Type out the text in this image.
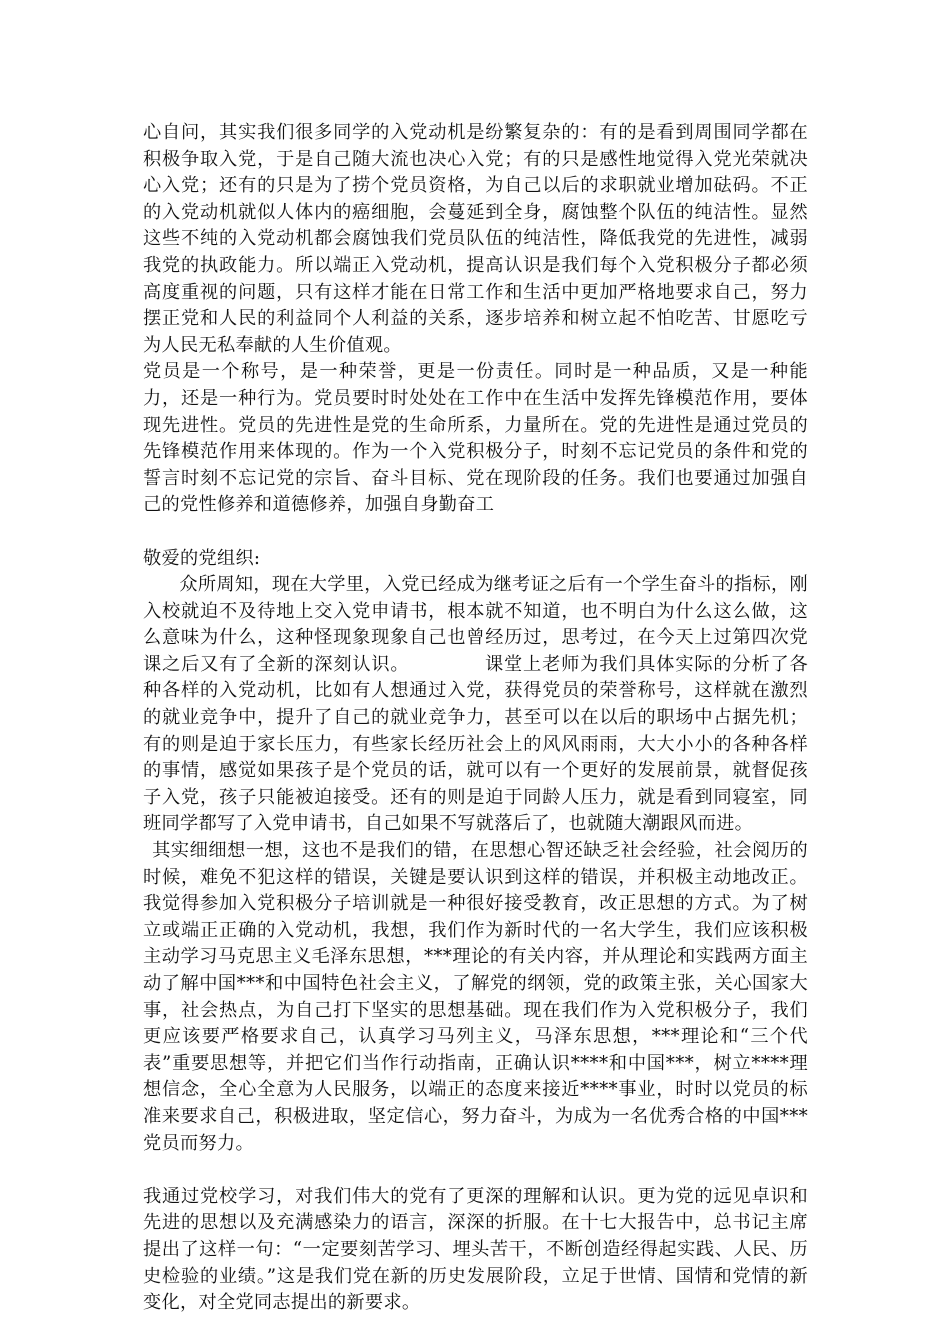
心自问，其实我们很多同学的入党动机是纷繁复杂的：有的是看到周围同学都在积极争取入党，于是自己随大流也决心入党；有的只是感性地觉得入党光荣就决心入党；还有的只是为了捞个党员资格，为自己以后的求职就业增加砝码。不正的入党动机就似人体内的癌细胞，会蔓延到全身，腐蚀整个队伍的纯洁性。显然这些不纯的入党动机都会腐蚀我们党员队伍的纯洁性，降低我党的先进性，减弱我党的执政能力。所以端正入党动机，提高认识是我们每个入党积极分子都必须高度重视的问题，只有这样才能在日常工作和生活中更加严格地要求自己，努力摆正党和人民的利益同个人利益的关系，逐步培养和树立起不怕吃苦、甘愿吃亏为人民无私奉献的人生价值观。

党员是一个称号，是一种荣誉，更是一份责任。同时是一种品质，又是一种能力，还是一种行为。党员要时时处处在工作中在生活中发挥先锋模范作用，要体现先进性。党员的先进性是党的生命所系，力量所在。党的先进性是通过党员的先锋模范作用来体现的。作为一个入党积极分子，时刻不忘记党员的条件和党的誓言时刻不忘记党的宗旨、奋斗目标、党在现阶段的任务。我们也要通过加强自己的党性修养和道德修养，加强自身勤奋工

敬爱的党组织:

众所周知，现在大学里，入党已经成为继考证之后有一个学生奋斗的指标，刚入校就迫不及待地上交入党申请书，根本就不知道，也不明白为什么这么做，这么意味为什么，这种怪现象现象自己也曾经历过，思考过，在今天上过第四次党课之后又有了全新的深刻认识。	课堂上老师为我们具体实际的分析了各种各样的入党动机，比如有人想通过入党，获得党员的荣誉称号，这样就在激烈的就业竞争中，提升了自己的就业竞争力，甚至可以在以后的职场中占据先机；有的则是迫于家长压力，有些家长经历社会上的风风雨雨，大大小小的各种各样的事情，感觉如果孩子是个党员的话，就可以有一个更好的发展前景，就督促孩子入党，孩子只能被迫接受。还有的则是迫于同龄人压力，就是看到同寝室，同班同学都写了入党申请书，自己如果不写就落后了，也就随大潮跟风而进。

其实细细想一想，这也不是我们的错，在思想心智还缺乏社会经验，社会阅历的时候，难免不犯这样的错误，关键是要认识到这样的错误，并积极主动地改正。我觉得参加入党积极分子培训就是一种很好接受教育，改正思想的方式。为了树立或端正正确的入党动机，我想，我们作为新时代的一名大学生，我们应该积极主动学习马克思主义毛泽东思想，***理论的有关内容，并从理论和实践两方面主动了解中国***和中国特色社会主义，了解党的纲领，党的政策主张，关心国家大事，社会热点，为自己打下坚实的思想基础。现在我们作为入党积极分子，我们更应该要严格要求自己，认真学习马列主义，马泽东思想，***理论和“三个代表”重要思想等，并把它们当作行动指南，正确认识****和中国***，树立****理想信念，全心全意为人民服务，以端正的态度来接近****事业，时时以党员的标准来要求自己，积极进取，坚定信心，努力奋斗，为成为一名优秀合格的中国***党员而努力。

我通过党校学习，对我们伟大的党有了更深的理解和认识。更为党的远见卓识和先进的思想以及充满感染力的语言，深深的折服。在十七大报告中，总书记主席提出了这样一句：“一定要刻苦学习、埋头苦干，不断创造经得起实践、人民、历史检验的业绩。”这是我们党在新的历史发展阶段，立足于世情、国情和党情的新变化，对全党同志提出的新要求。
